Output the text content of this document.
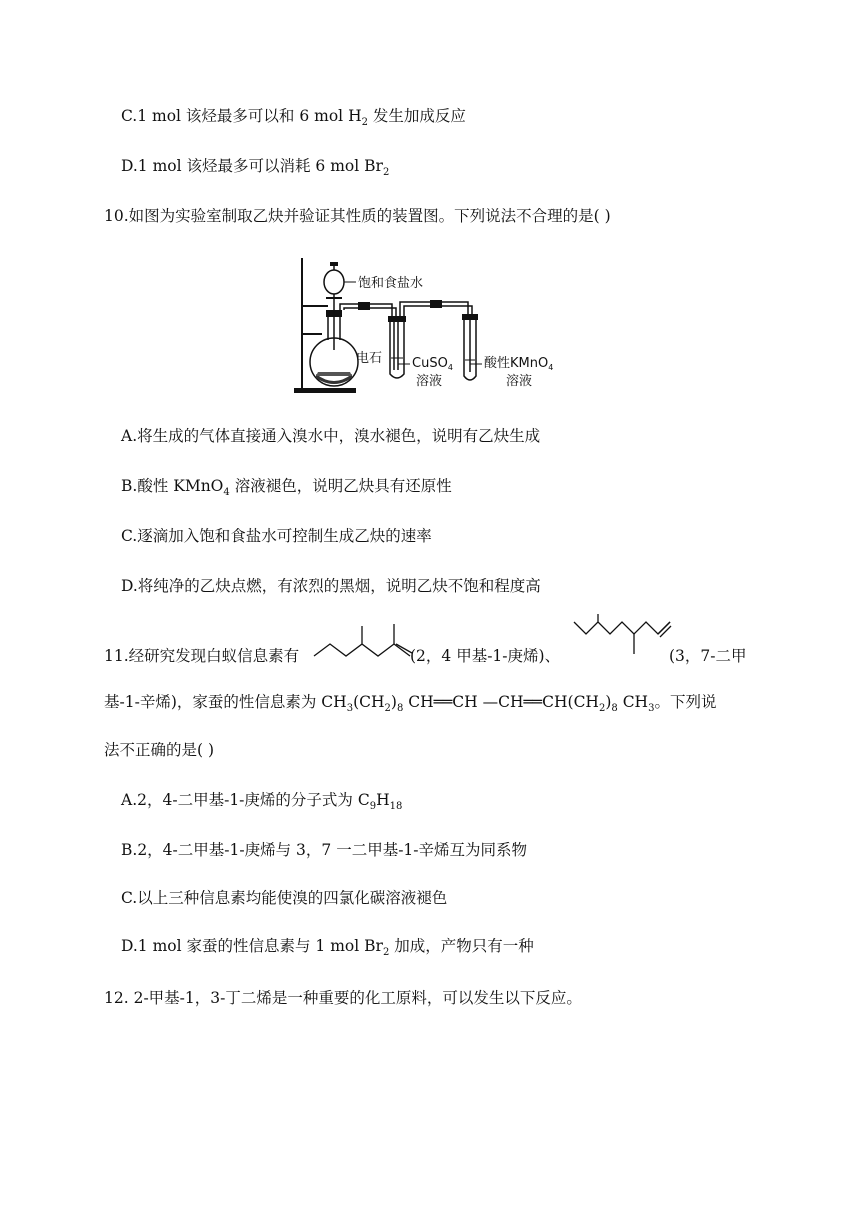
C.1 mol 该烃最多可以和 6 mol $H_2$ 发生加成反应
D.1 mol 该烃最多可以消耗 6 mol $Br_2$
10.如图为实验室制取乙炔并验证其性质的装置图。下列说法不合理的是( )
饱和食盐水
电石 CuSO$_4$
溶液
酸性KMnO$_4$
溶液
A.将生成的气体直接通入溴水中，溴水褪色，说明有乙炔生成
B.酸性 KMnO$_4$ 溶液褪色，说明乙炔具有还原性
C.逐滴加入饱和食盐水可控制生成乙炔的速率
D.将纯净的乙炔点燃，有浓烈的黑烟，说明乙炔不饱和程度高
11.经研究发现白蚁信息素有	(2，4 甲基-1-庚烯)、	(3，7-二甲
基-1-辛烯)，家蚕的性信息素为 $CH_3(CH_2)_8$ CH══CH $—CH══CH(CH_2)_8$ $CH_3$。下列说
法不正确的是( )
A.2，4-二甲基-1-庚烯的分子式为 $C_9H_{18}$
B.2，4-二甲基-1-庚烯与 3，7 一二甲基-1-辛烯互为同系物
C.以上三种信息素均能使溴的四氯化碳溶液褪色
D.1 mol 家蚕的性信息素与 1 mol $Br_2$ 加成，产物只有一种
12. 2-甲基-1，3-丁二烯是一种重要的化工原料，可以发生以下反应。
